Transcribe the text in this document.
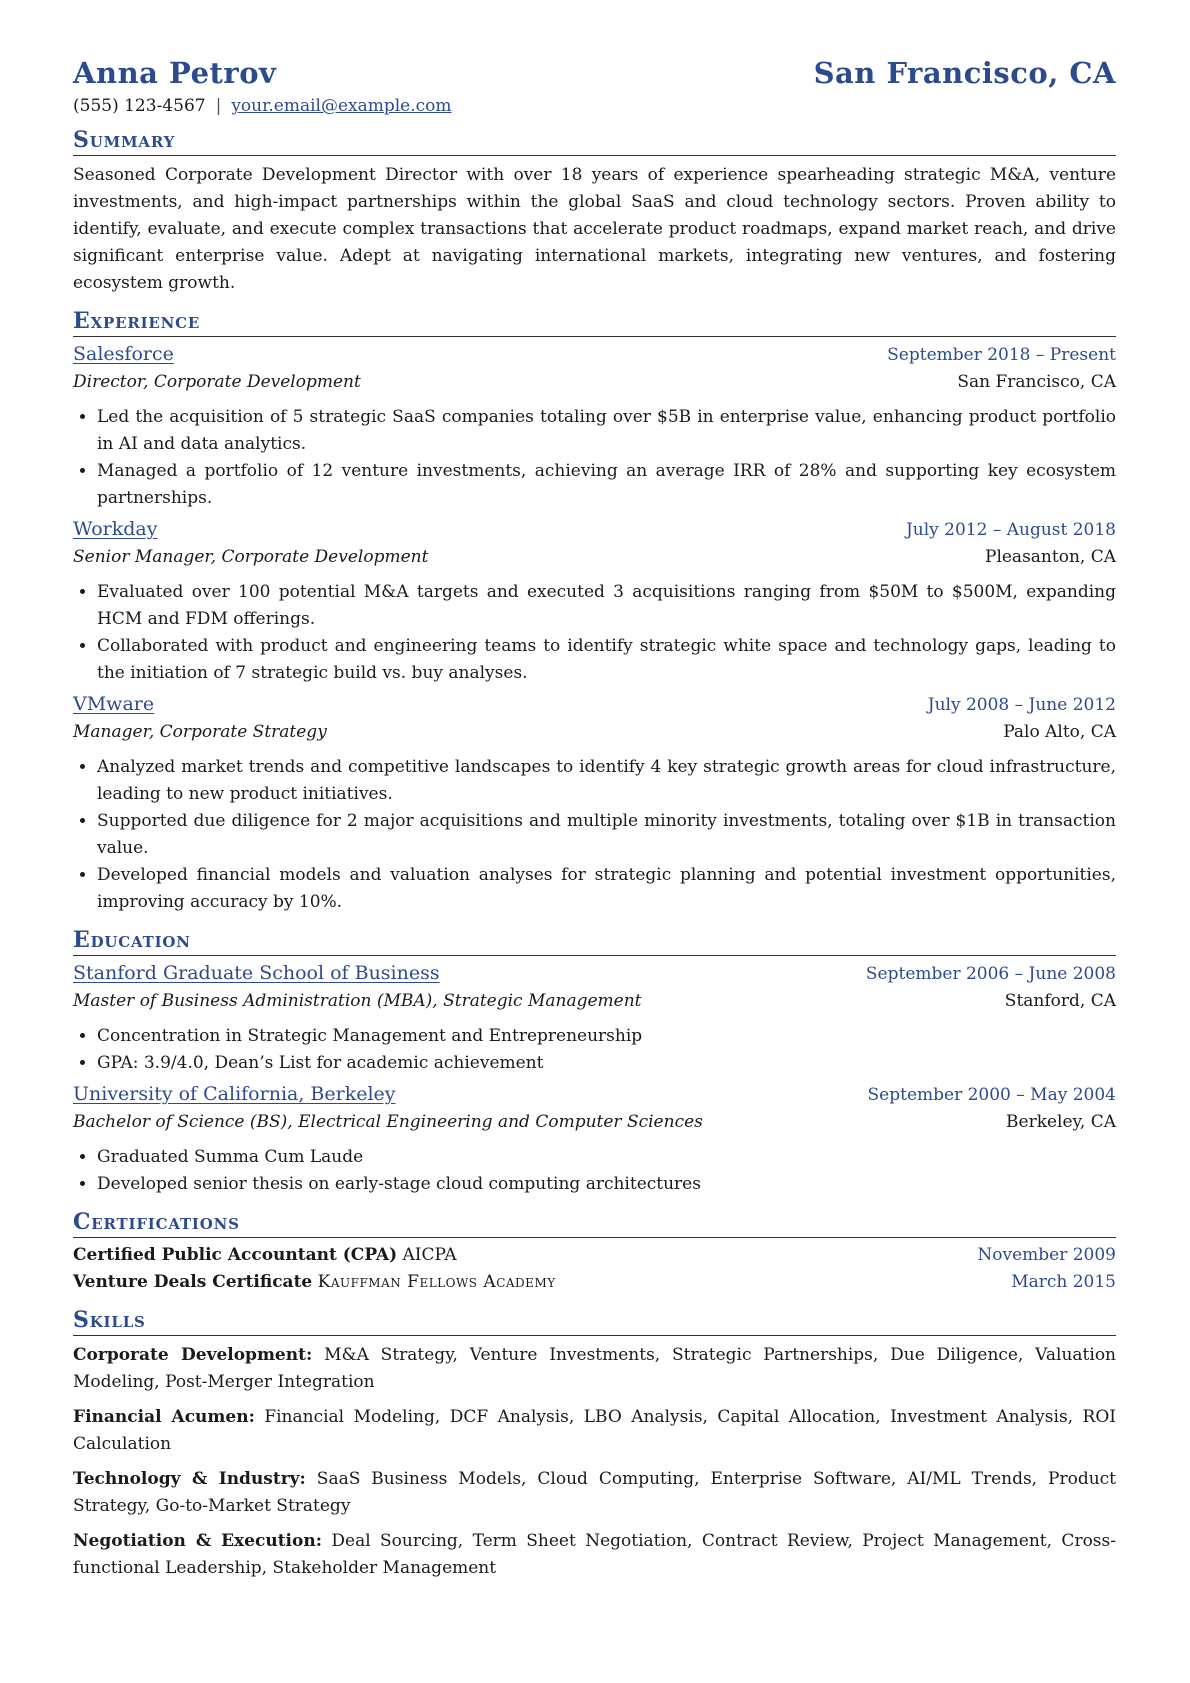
Anna Petrov	San Francisco, CA
(555) 123-4567 | your.email@example.com
Summary
Seasoned Corporate Development Director with over 18 years of experience spearheading strategic M&A, venture investments, and high-impact partnerships within the global SaaS and cloud technology sectors. Proven ability to identify, evaluate, and execute complex transactions that accelerate product roadmaps, expand market reach, and drive significant enterprise value. Adept at navigating international markets, integrating new ventures, and fostering ecosystem growth.
Experience
Salesforce	September 2018 – Present
Director, Corporate Development	San Francisco, CA
• Led the acquisition of 5 strategic SaaS companies totaling over $5B in enterprise value, enhancing product portfolio in AI and data analytics.
• Managed a portfolio of 12 venture investments, achieving an average IRR of 28% and supporting key ecosystem partnerships.
Workday	July 2012 – August 2018
Senior Manager, Corporate Development	Pleasanton, CA
• Evaluated over 100 potential M&A targets and executed 3 acquisitions ranging from $50M to $500M, expanding HCM and FDM offerings.
• Collaborated with product and engineering teams to identify strategic white space and technology gaps, leading to the initiation of 7 strategic build vs. buy analyses.
VMware	July 2008 – June 2012
Manager, Corporate Strategy	Palo Alto, CA
• Analyzed market trends and competitive landscapes to identify 4 key strategic growth areas for cloud infrastructure, leading to new product initiatives.
• Supported due diligence for 2 major acquisitions and multiple minority investments, totaling over $1B in transaction value.
• Developed financial models and valuation analyses for strategic planning and potential investment opportunities, improving accuracy by 10%.
Education
Stanford Graduate School of Business	September 2006 – June 2008
Master of Business Administration (MBA), Strategic Management	Stanford, CA
• Concentration in Strategic Management and Entrepreneurship
• GPA: 3.9/4.0, Dean’s List for academic achievement
University of California, Berkeley	September 2000 – May 2004
Bachelor of Science (BS), Electrical Engineering and Computer Sciences	Berkeley, CA
• Graduated Summa Cum Laude
• Developed senior thesis on early-stage cloud computing architectures
Certifications
Certified Public Accountant (CPA) AICPA	November 2009
Venture Deals Certificate Kauffman Fellows Academy	March 2015
Skills
Corporate Development: M&A Strategy, Venture Investments, Strategic Partnerships, Due Diligence, Valuation Modeling, Post-Merger Integration
Financial Acumen: Financial Modeling, DCF Analysis, LBO Analysis, Capital Allocation, Investment Analysis, ROI Calculation
Technology & Industry: SaaS Business Models, Cloud Computing, Enterprise Software, AI/ML Trends, Product Strategy, Go-to-Market Strategy
Negotiation & Execution: Deal Sourcing, Term Sheet Negotiation, Contract Review, Project Management, Cross-functional Leadership, Stakeholder Management
